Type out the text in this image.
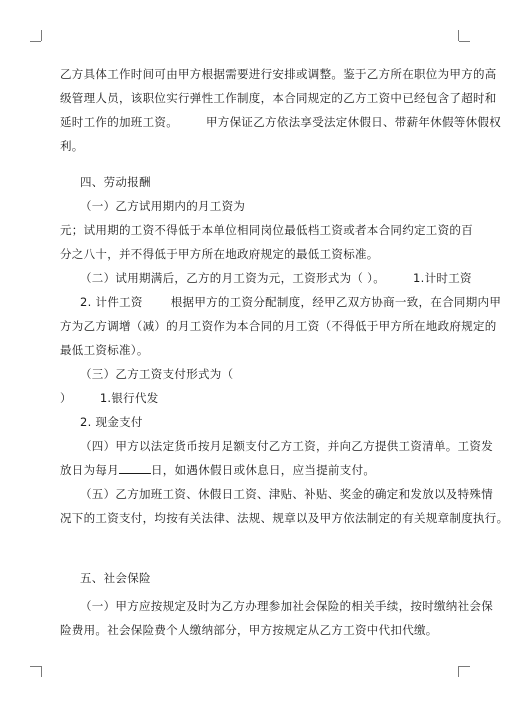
乙方具体工作时间可由甲方根据需要进行安排或调整。鉴于乙方所在职位为甲方的高
级管理人员，该职位实行弹性工作制度，本合同规定的乙方工资中已经包含了超时和
延时工作的加班工资。 甲方保证乙方依法享受法定休假日、带薪年休假等休假权
利。
四、劳动报酬
（一）乙方试用期内的月工资为
元；试用期的工资不得低于本单位相同岗位最低档工资或者本合同约定工资的百
分之八十，并不得低于甲方所在地政府规定的最低工资标准。
（二）试用期满后，乙方的月工资为元，工资形式为（ ）。 1.计时工资
2. 计件工资 根据甲方的工资分配制度，经甲乙双方协商一致，在合同期内甲
方为乙方调增（减）的月工资作为本合同的月工资（不得低于甲方所在地政府规定的
最低工资标准）。
（三）乙方工资支付形式为（
） 1.银行代发
2. 现金支付
（四）甲方以法定货币按月足额支付乙方工资，并向乙方提供工资清单。工资发
放日为每月	日，如遇休假日或休息日，应当提前支付。
（五）乙方加班工资、休假日工资、津贴、补贴、奖金的确定和发放以及特殊情
况下的工资支付，均按有关法律、法规、规章以及甲方依法制定的有关规章制度执行。
五、社会保险
（一）甲方应按规定及时为乙方办理参加社会保险的相关手续，按时缴纳社会保
险费用。社会保险费个人缴纳部分，甲方按规定从乙方工资中代扣代缴。
